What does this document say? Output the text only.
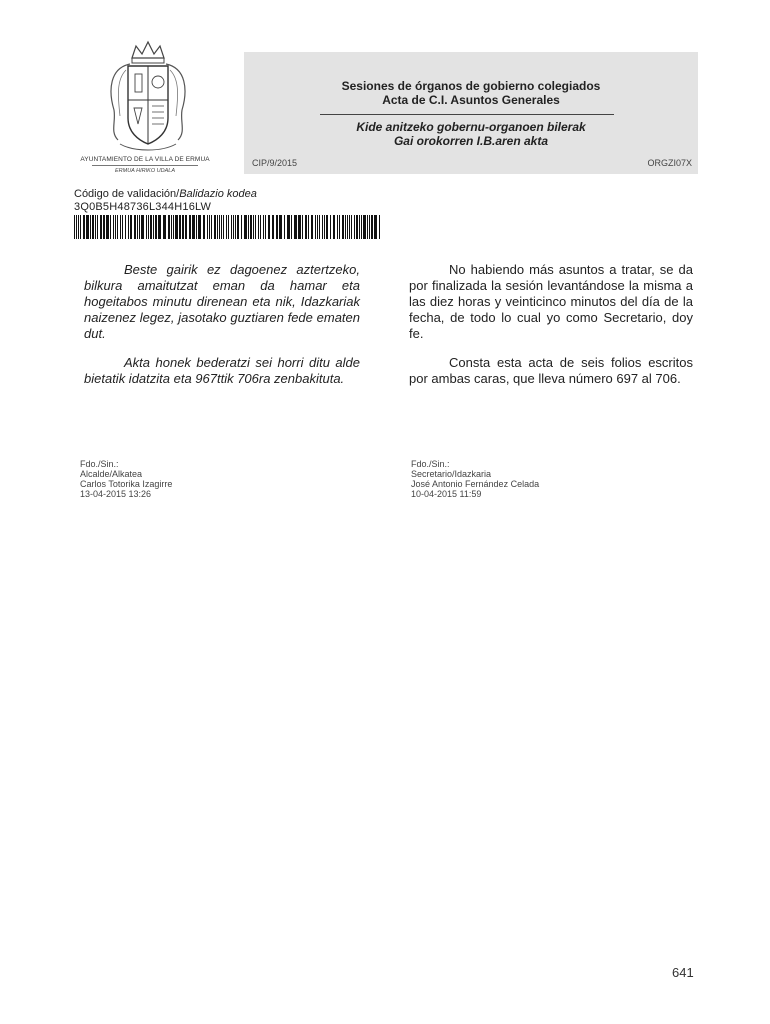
AYUNTAMIENTO DE LA VILLA DE ERMUA
ERMUA HIRIKO UDALA
Sesiones de órganos de gobierno colegiados
Acta de C.I. Asuntos Generales
Kide anitzeko gobernu-organoen bilerak
Gai orokorren I.B.aren akta
CIP/9/2015	ORGZI07X
Código de validación/Balidazio kodea
3Q0B5H48736L344H16LW

Beste gairik ez dagoenez aztertzeko, bilkura amaitutzat eman da hamar eta hogeitabos minutu direnean eta nik, Idazkariak naizenez legez, jasotako guztiaren fede ematen dut.

Akta honek bederatzi sei horri ditu alde bietatik idatzita eta 967ttik 706ra zenbakituta.

No habiendo más asuntos a tratar, se da por finalizada la sesión levantándose la misma a las diez horas y veinticinco minutos del día de la fecha, de todo lo cual yo como Secretario, doy fe.

Consta esta acta de seis folios escritos por ambas caras, que lleva número 697 al 706.

Fdo./Sin.:
Alcalde/Alkatea
Carlos Totorika Izagirre
13-04-2015 13:26
Fdo./Sin.:
Secretario/Idazkaria
José Antonio Fernández Celada
10-04-2015 11:59
641
